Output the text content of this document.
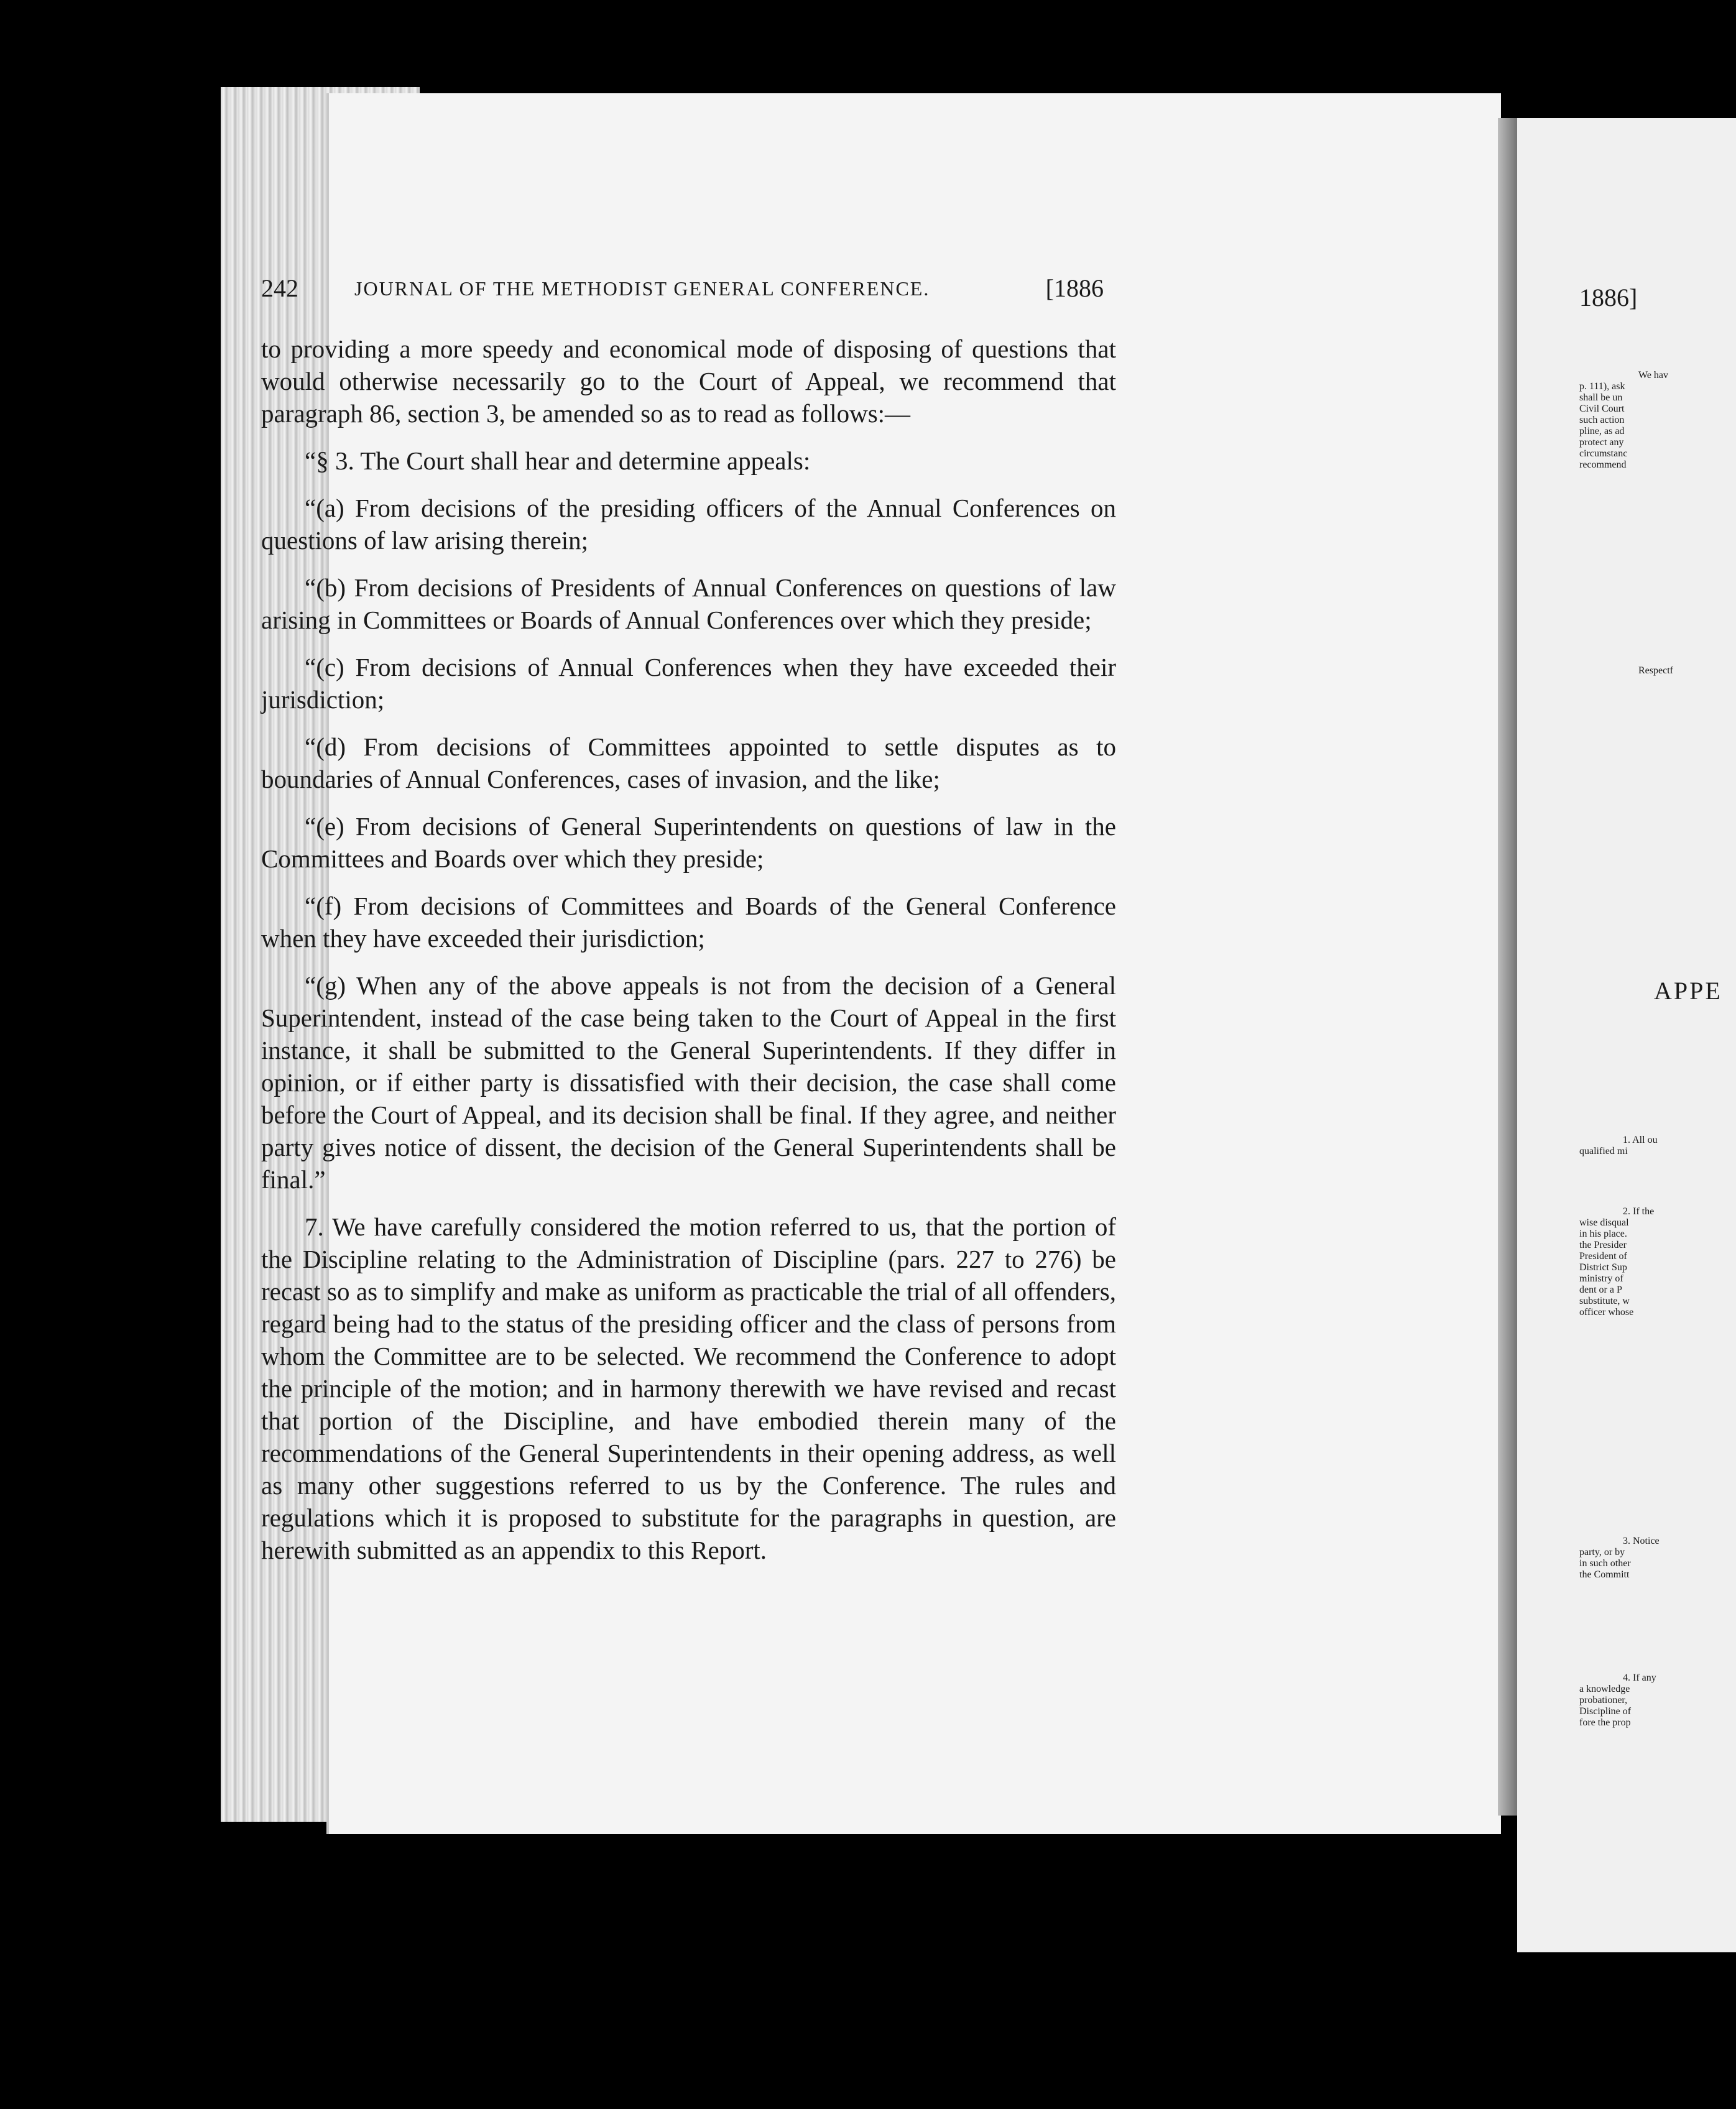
242	JOURNAL OF THE METHODIST GENERAL CONFERENCE.	[1886

to providing a more speedy and economical mode of disposing of questions that would otherwise necessarily go to the Court of Appeal, we recommend that paragraph 86, section 3, be amended so as to read as follows:—

“§ 3. The Court shall hear and determine appeals:

“(a) From decisions of the presiding officers of the Annual Conferences on questions of law arising therein;

“(b) From decisions of Presidents of Annual Conferences on questions of law arising in Committees or Boards of Annual Conferences over which they preside;

“(c) From decisions of Annual Conferences when they have exceeded their jurisdiction;

“(d) From decisions of Committees appointed to settle disputes as to boundaries of Annual Conferences, cases of invasion, and the like;

“(e) From decisions of General Superintendents on questions of law in the Committees and Boards over which they preside;

“(f) From decisions of Committees and Boards of the General Conference when they have exceeded their jurisdiction;

“(g) When any of the above appeals is not from the decision of a General Superintendent, instead of the case being taken to the Court of Appeal in the first instance, it shall be submitted to the General Superintendents. If they differ in opinion, or if either party is dissatisfied with their decision, the case shall come before the Court of Appeal, and its decision shall be final. If they agree, and neither party gives notice of dissent, the decision of the General Superintendents shall be final.”

7. We have carefully considered the motion referred to us, that the portion of the Discipline relating to the Administration of Discipline (pars. 227 to 276) be recast so as to simplify and make as uniform as practicable the trial of all offenders, regard being had to the status of the presiding officer and the class of persons from whom the Committee are to be selected. We recommend the Conference to adopt the principle of the motion; and in harmony therewith we have revised and recast that portion of the Discipline, and have embodied therein many of the recommendations of the General Superintendents in their opening address, as well as many other suggestions referred to us by the Conference. The rules and regulations which it is proposed to substitute for the paragraphs in question, are herewith submitted as an appendix to this Report.

1886]
We hav
p. 111), ask
shall be un
Civil Court
such action
pline, as ad
protect any
circumstanc
recommend
Respectf
APPE
1. All ou
qualified mi
2. If the
wise disqual
in his place.
the Presider
President of
District Sup
ministry of
dent or a P
substitute, w
officer whose
3. Notice
party, or by
in such other
the Committ
4. If any
a knowledge
probationer,
Discipline of
fore the prop
